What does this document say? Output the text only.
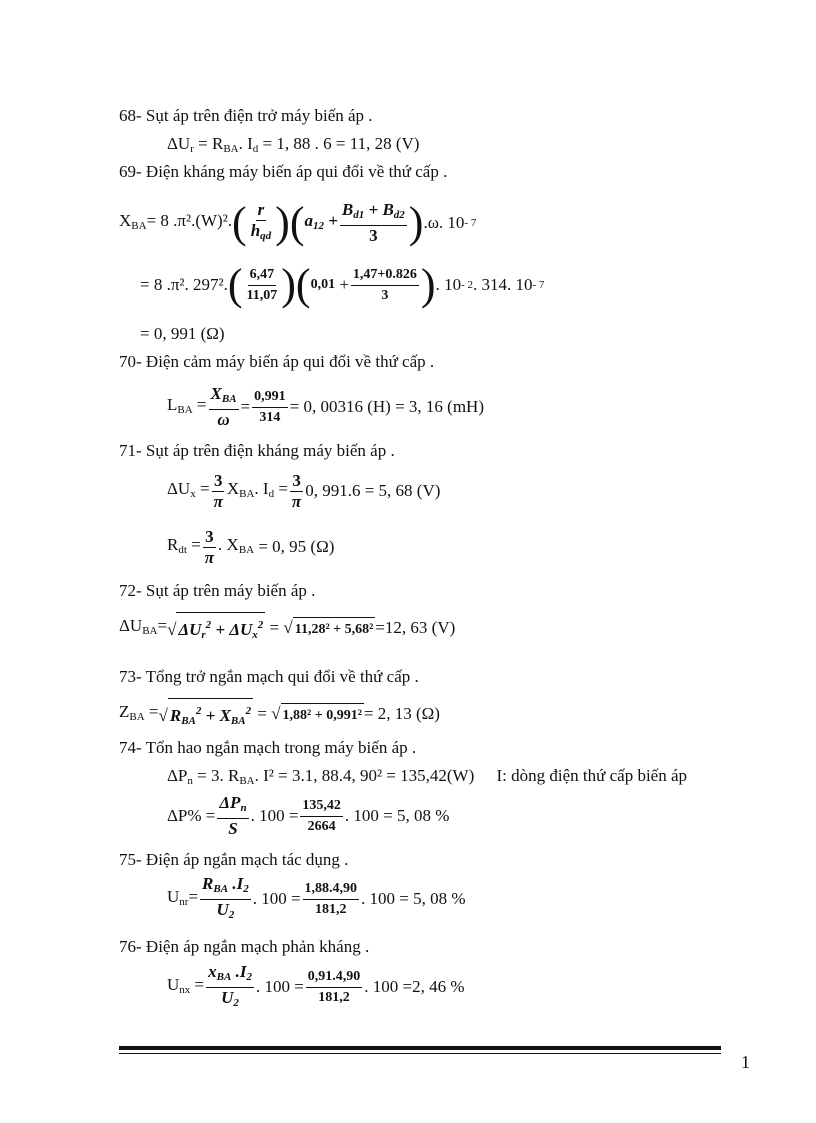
68- Sụt áp trên điện trở máy biến áp .
ΔUr = RBA. Id = 1, 88 . 6 = 11, 28 (V)
69- Điện kháng máy biến áp qui đổi về thứ cấp .
XBA= 8 .π².(W)². ( r
hqd ) ( $a12 + \frac{Bd1 + Bd2}{3}$ ) .ω. 10 - 7
= 8 .π². 297². ( 6,47
11,07 ) ( $0,01 + \frac{1,47+0.826}{3}$ ) . 10 - 2 . 314. 10 - 7
= 0, 991 (Ω)
70- Điện cảm máy biến áp qui đổi về thứ cấp .
LBA =
XBA
ω
= $\frac{0,991}{314} = 0$, 00316 (H) = 3, 16 (mH)
71- Sụt áp trên điện kháng máy biến áp .
$\Delta Ux = \frac{3}{\pi}$ XBA. $Id = \frac{3}{\pi} 0$, 991.6 = 5, 68 (V)
Rdt = $\frac{3}{\pi}$ . XBA = 0, 95 (Ω)
72- Sụt áp trên máy biến áp .
ΔUBA= √ ΔUr$^2$ + ΔUx$^2$ = √ 11,28² + 5,68² =12, 63 (V)
73- Tổng trở ngắn mạch qui đổi về thứ cấp .
ZBA = √ $RBA^2 + XBA^2$ = √ 1,88² + 0,991² = 2, 13 (Ω)
74- Tổn hao ngắn mạch trong máy biến áp .
ΔPn = 3. RBA. I² = 3.1, 88.4, 90² = 135,42(W) I: dòng điện thứ cấp biến áp
ΔP% =
ΔPn
S
. $100 = \frac{135,42}{2664}$ . 100 = 5, 08 %
75- Điện áp ngắn mạch tác dụng .
Unr=
RBA .I2
U2
. $100 = \frac{1,88.4,90}{181,2}$ . 100 = 5, 08 %
76- Điện áp ngắn mạch phản kháng .
Unx =
xBA .I2
U2
. $100 = \frac{0,91.4,90}{181,2}$ . 100 =2, 46 %
1
